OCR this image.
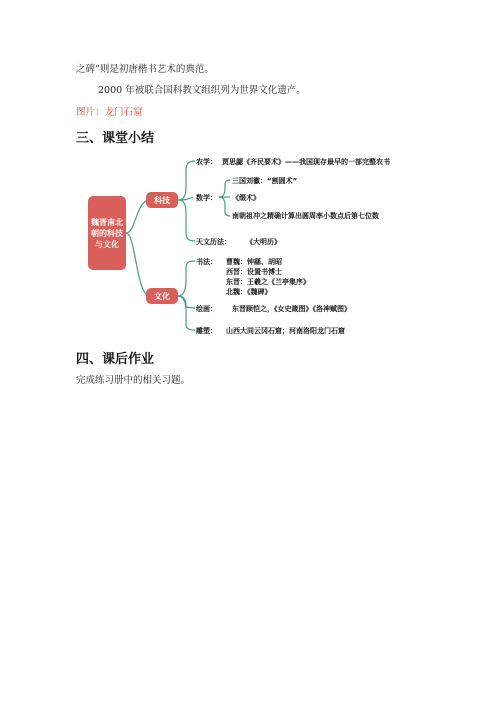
之碑”则是初唐楷书艺术的典范。
2000 年被联合国科教文组织列为世界文化遗产。
图片：龙门石窟
三、课堂小结
魏晋南北朝的科技与文化
科技
文化
农学： 贾思勰《齐民要术》——我国现存最早的一部完整农书
数学：
三国刘徽：“割圆术”
《缀术》
南朝祖冲之精确计算出圆周率小数点后第七位数
天文历法： 《大明历》
书法： 曹魏：钟繇、胡昭
西晋：设置书博士
东晋：王羲之《兰亭集序》
北魏：《魏碑》
绘画： 东晋顾恺之，《女史箴图》《洛神赋图》
雕塑： 山西大同云冈石窟；河南洛阳龙门石窟
四、课后作业
完成练习册中的相关习题。
